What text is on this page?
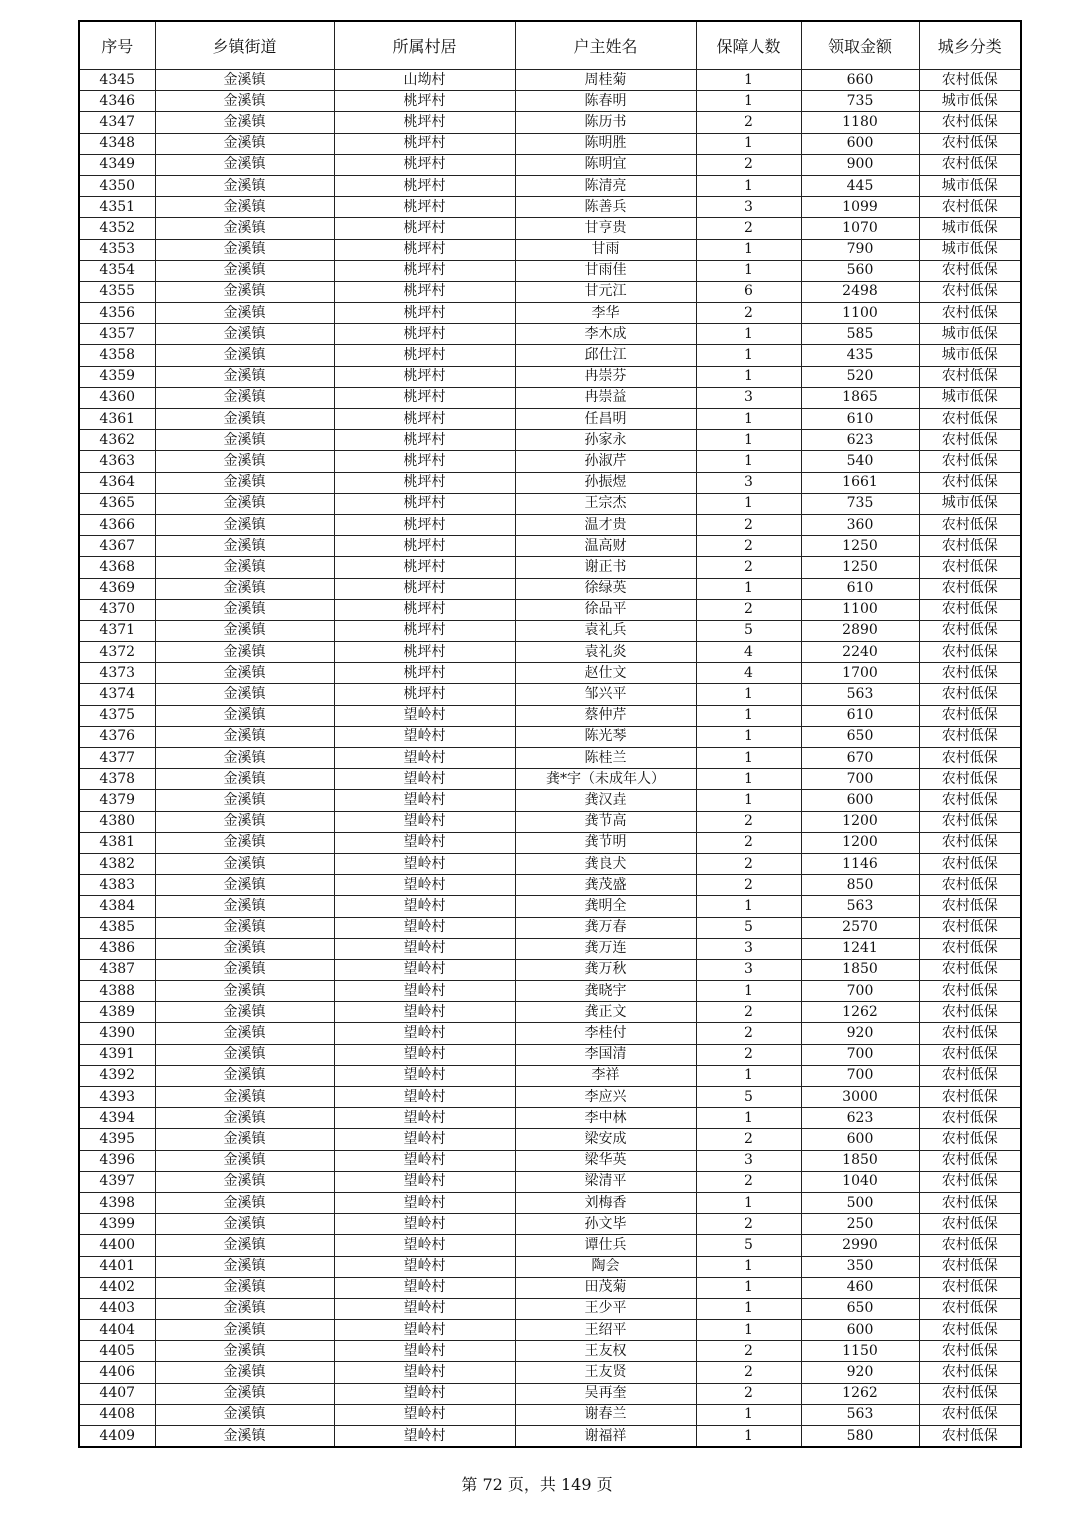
序号	乡镇街道	所属村居	户主姓名	保障人数	领取金额	城乡分类
4345	金溪镇	山坳村	周桂菊	1	660	农村低保
4346	金溪镇	桃坪村	陈春明	1	735	城市低保
4347	金溪镇	桃坪村	陈历书	2	1180	农村低保
4348	金溪镇	桃坪村	陈明胜	1	600	农村低保
4349	金溪镇	桃坪村	陈明宜	2	900	农村低保
4350	金溪镇	桃坪村	陈清亮	1	445	城市低保
4351	金溪镇	桃坪村	陈善兵	3	1099	农村低保
4352	金溪镇	桃坪村	甘亨贵	2	1070	城市低保
4353	金溪镇	桃坪村	甘雨	1	790	城市低保
4354	金溪镇	桃坪村	甘雨佳	1	560	农村低保
4355	金溪镇	桃坪村	甘元江	6	2498	农村低保
4356	金溪镇	桃坪村	李华	2	1100	农村低保
4357	金溪镇	桃坪村	李木成	1	585	城市低保
4358	金溪镇	桃坪村	邱仕江	1	435	城市低保
4359	金溪镇	桃坪村	冉崇芬	1	520	农村低保
4360	金溪镇	桃坪村	冉崇益	3	1865	城市低保
4361	金溪镇	桃坪村	任昌明	1	610	农村低保
4362	金溪镇	桃坪村	孙家永	1	623	农村低保
4363	金溪镇	桃坪村	孙淑芹	1	540	农村低保
4364	金溪镇	桃坪村	孙振煜	3	1661	农村低保
4365	金溪镇	桃坪村	王宗杰	1	735	城市低保
4366	金溪镇	桃坪村	温才贵	2	360	农村低保
4367	金溪镇	桃坪村	温高财	2	1250	农村低保
4368	金溪镇	桃坪村	谢正书	2	1250	农村低保
4369	金溪镇	桃坪村	徐绿英	1	610	农村低保
4370	金溪镇	桃坪村	徐品平	2	1100	农村低保
4371	金溪镇	桃坪村	袁礼兵	5	2890	农村低保
4372	金溪镇	桃坪村	袁礼炎	4	2240	农村低保
4373	金溪镇	桃坪村	赵仕文	4	1700	农村低保
4374	金溪镇	桃坪村	邹兴平	1	563	农村低保
4375	金溪镇	望岭村	蔡仲芹	1	610	农村低保
4376	金溪镇	望岭村	陈光琴	1	650	农村低保
4377	金溪镇	望岭村	陈桂兰	1	670	农村低保
4378	金溪镇	望岭村	龚*宇（未成年人）	1	700	农村低保
4379	金溪镇	望岭村	龚汉垚	1	600	农村低保
4380	金溪镇	望岭村	龚节高	2	1200	农村低保
4381	金溪镇	望岭村	龚节明	2	1200	农村低保
4382	金溪镇	望岭村	龚良犬	2	1146	农村低保
4383	金溪镇	望岭村	龚茂盛	2	850	农村低保
4384	金溪镇	望岭村	龚明全	1	563	农村低保
4385	金溪镇	望岭村	龚万春	5	2570	农村低保
4386	金溪镇	望岭村	龚万连	3	1241	农村低保
4387	金溪镇	望岭村	龚万秋	3	1850	农村低保
4388	金溪镇	望岭村	龚晓宇	1	700	农村低保
4389	金溪镇	望岭村	龚正文	2	1262	农村低保
4390	金溪镇	望岭村	李桂付	2	920	农村低保
4391	金溪镇	望岭村	李国清	2	700	农村低保
4392	金溪镇	望岭村	李祥	1	700	农村低保
4393	金溪镇	望岭村	李应兴	5	3000	农村低保
4394	金溪镇	望岭村	李中林	1	623	农村低保
4395	金溪镇	望岭村	梁安成	2	600	农村低保
4396	金溪镇	望岭村	梁华英	3	1850	农村低保
4397	金溪镇	望岭村	梁清平	2	1040	农村低保
4398	金溪镇	望岭村	刘梅香	1	500	农村低保
4399	金溪镇	望岭村	孙文毕	2	250	农村低保
4400	金溪镇	望岭村	谭仕兵	5	2990	农村低保
4401	金溪镇	望岭村	陶会	1	350	农村低保
4402	金溪镇	望岭村	田茂菊	1	460	农村低保
4403	金溪镇	望岭村	王少平	1	650	农村低保
4404	金溪镇	望岭村	王绍平	1	600	农村低保
4405	金溪镇	望岭村	王友权	2	1150	农村低保
4406	金溪镇	望岭村	王友贤	2	920	农村低保
4407	金溪镇	望岭村	吴再奎	2	1262	农村低保
4408	金溪镇	望岭村	谢春兰	1	563	农村低保
4409	金溪镇	望岭村	谢福祥	1	580	农村低保
第 72 页，共 149 页
